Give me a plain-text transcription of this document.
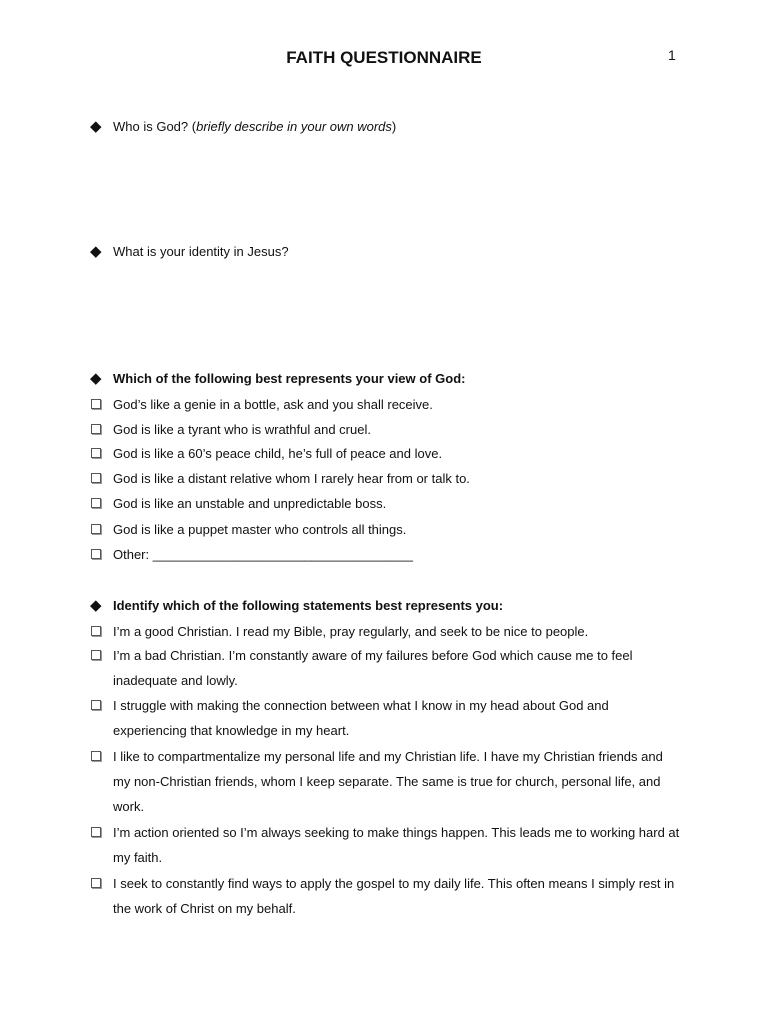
FAITH QUESTIONNAIRE	1
◆ Who is God? (briefly describe in your own words)
◆ What is your identity in Jesus?
◆ Which of the following best represents your view of God:
God’s like a genie in a bottle, ask and you shall receive.
God is like a tyrant who is wrathful and cruel.
God is like a 60’s peace child, he’s full of peace and love.
God is like a distant relative whom I rarely hear from or talk to.
God is like an unstable and unpredictable boss.
God is like a puppet master who controls all things.
Other: ____________________________________
◆ Identify which of the following statements best represents you:
I’m a good Christian. I read my Bible, pray regularly, and seek to be nice to people.
I’m a bad Christian. I’m constantly aware of my failures before God which cause me to feel inadequate and lowly.
I struggle with making the connection between what I know in my head about God and experiencing that knowledge in my heart.
I like to compartmentalize my personal life and my Christian life. I have my Christian friends and my non-Christian friends, whom I keep separate. The same is true for church, personal life, and work.
I’m action oriented so I’m always seeking to make things happen. This leads me to working hard at my faith.
I seek to constantly find ways to apply the gospel to my daily life. This often means I simply rest in the work of Christ on my behalf.
